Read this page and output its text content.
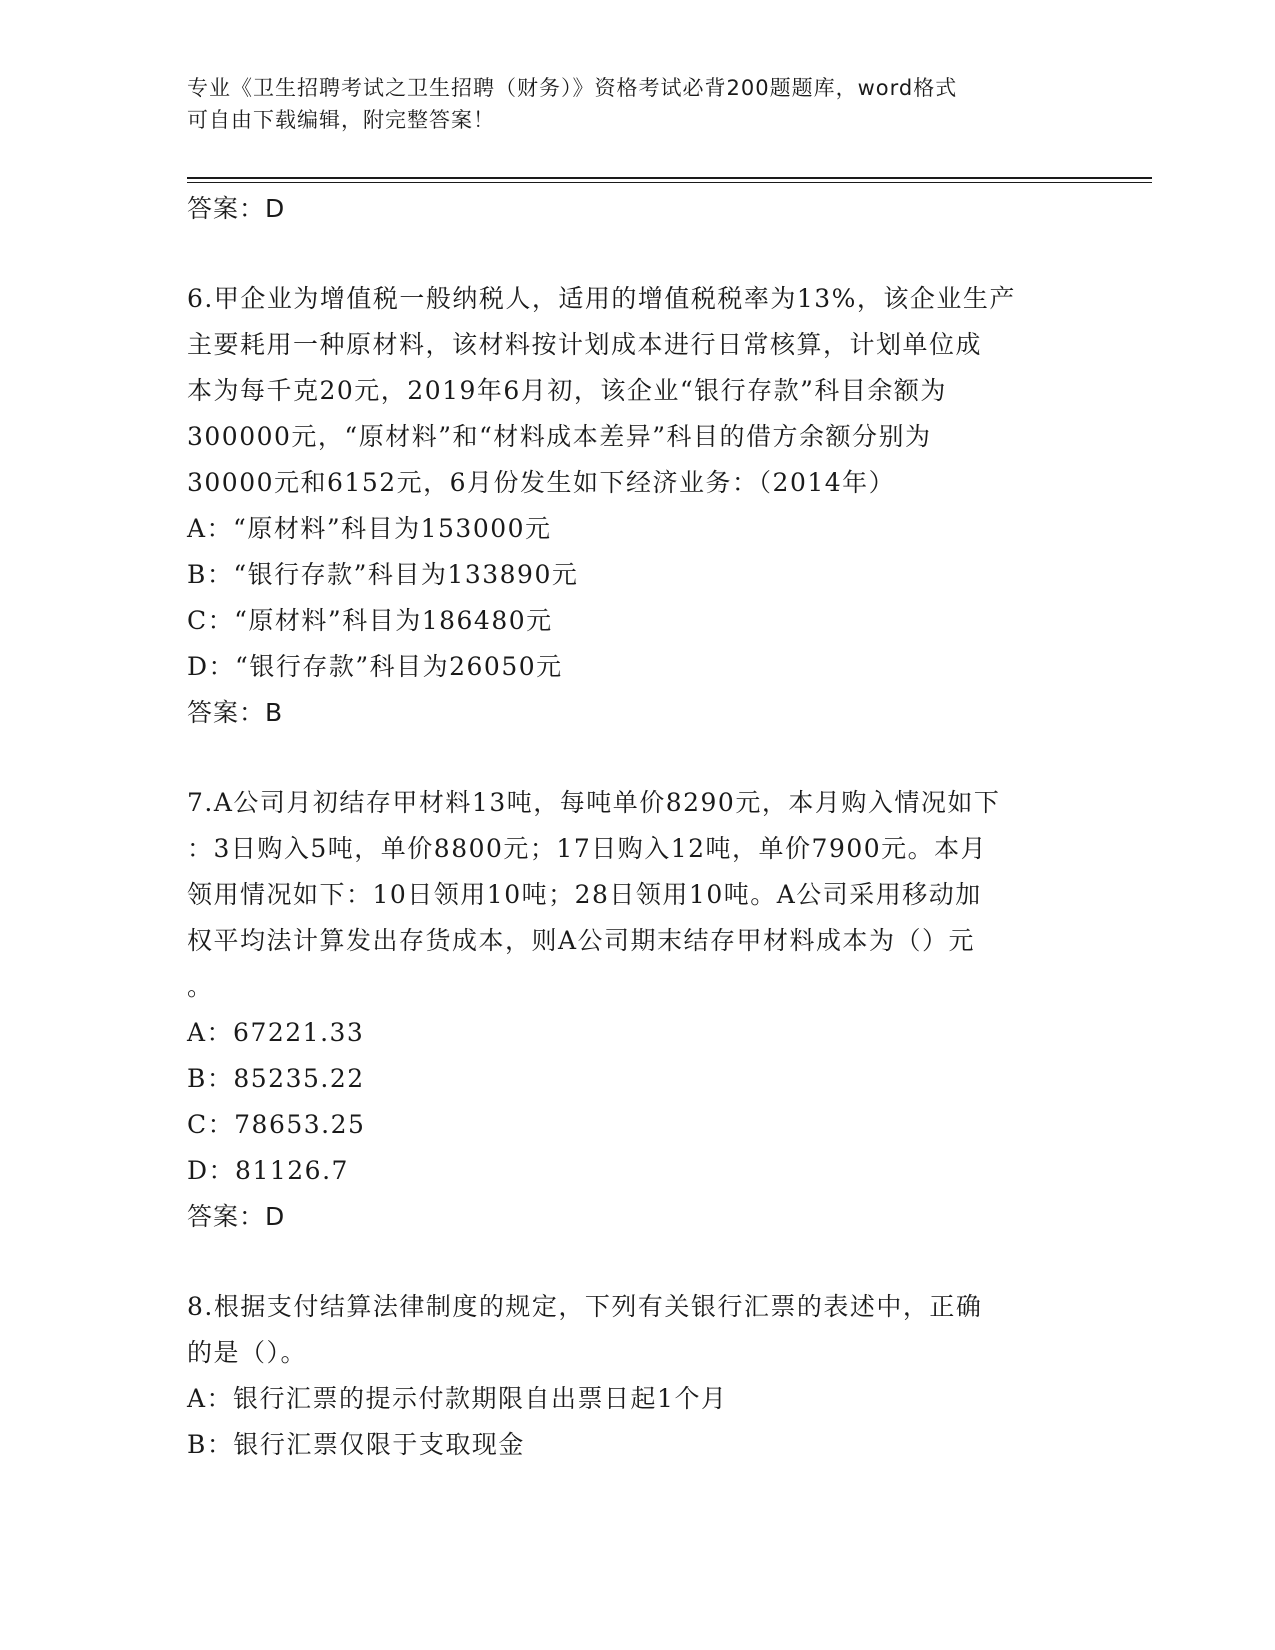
专业《卫生招聘考试之卫生招聘（财务）》资格考试必背200题题库，word格式
可自由下载编辑，附完整答案！
答案：D
6.甲企业为增值税一般纳税人，适用的增值税税率为13%，该企业生产
主要耗用一种原材料，该材料按计划成本进行日常核算，计划单位成
本为每千克20元，2019年6月初，该企业“银行存款”科目余额为
300000元，“原材料”和“材料成本差异”科目的借方余额分别为
30000元和6152元，6月份发生如下经济业务：（2014年）
A：“原材料”科目为153000元
B：“银行存款”科目为133890元
C：“原材料”科目为186480元
D：“银行存款”科目为26050元
答案：B
7.A公司月初结存甲材料13吨，每吨单价8290元，本月购入情况如下
：3日购入5吨，单价8800元；17日购入12吨，单价7900元。本月
领用情况如下：10日领用10吨；28日领用10吨。A公司采用移动加
权平均法计算发出存货成本，则A公司期末结存甲材料成本为（）元
。
A：67221.33
B：85235.22
C：78653.25
D：81126.7
答案：D
8.根据支付结算法律制度的规定，下列有关银行汇票的表述中，正确
的是（）。
A：银行汇票的提示付款期限自出票日起1个月
B：银行汇票仅限于支取现金
